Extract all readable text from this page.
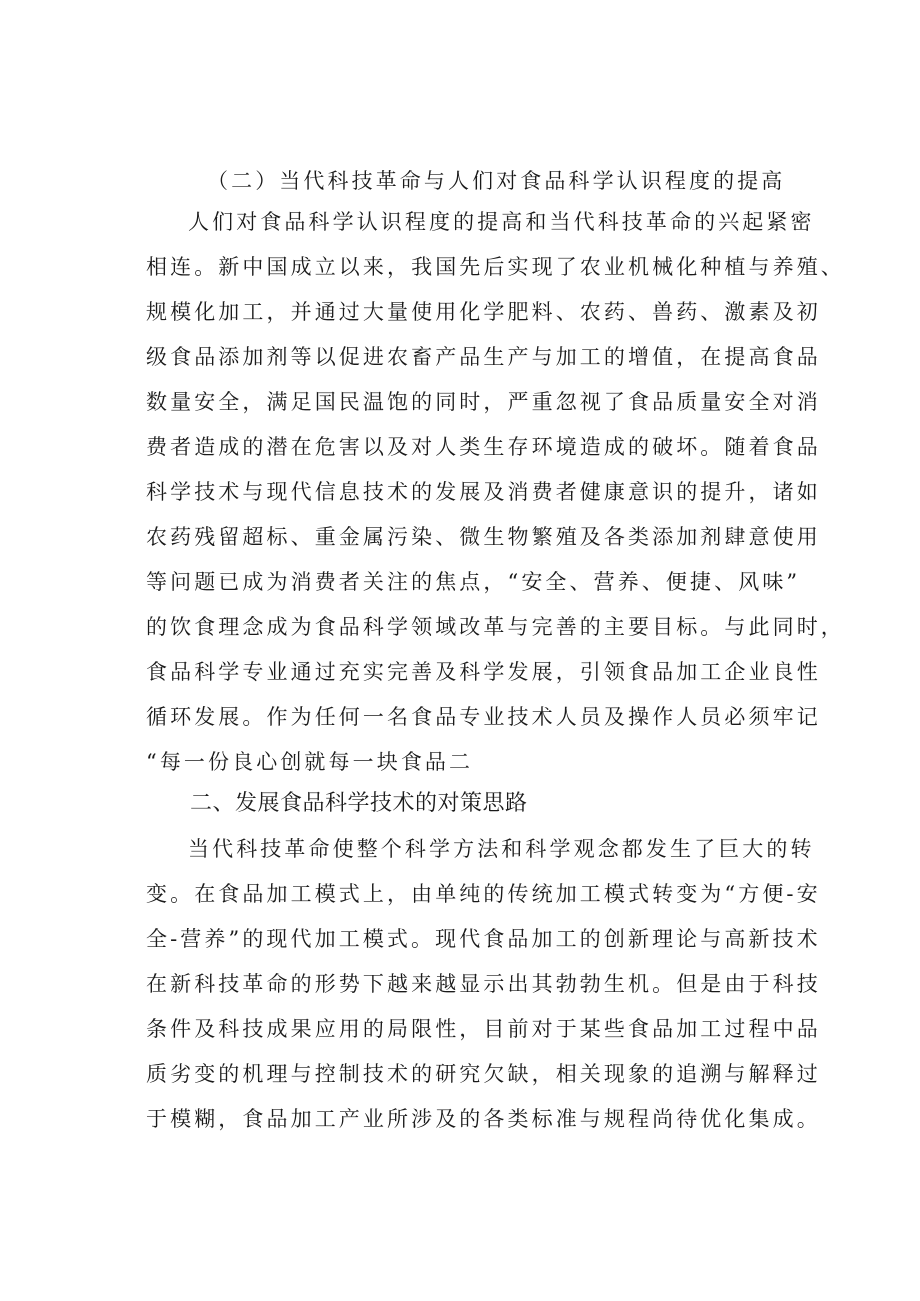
（二）当代科技革命与人们对食品科学认识程度的提高
人们对食品科学认识程度的提高和当代科技革命的兴起紧密
相连。新中国成立以来，我国先后实现了农业机械化种植与养殖、
规模化加工，并通过大量使用化学肥料、农药、兽药、激素及初
级食品添加剂等以促进农畜产品生产与加工的增值，在提高食品
数量安全，满足国民温饱的同时，严重忽视了食品质量安全对消
费者造成的潜在危害以及对人类生存环境造成的破坏。随着食品
科学技术与现代信息技术的发展及消费者健康意识的提升，诸如
农药残留超标、重金属污染、微生物繁殖及各类添加剂肆意使用
等问题已成为消费者关注的焦点，“安全、营养、便捷、风味”
的饮食理念成为食品科学领域改革与完善的主要目标。与此同时，
食品科学专业通过充实完善及科学发展，引领食品加工企业良性
循环发展。作为任何一名食品专业技术人员及操作人员必须牢记
“每一份良心创就每一块食品二
二、发展食品科学技术的对策思路
当代科技革命使整个科学方法和科学观念都发生了巨大的转
变。在食品加工模式上，由单纯的传统加工模式转变为“方便-安
全-营养”的现代加工模式。现代食品加工的创新理论与高新技术
在新科技革命的形势下越来越显示出其勃勃生机。但是由于科技
条件及科技成果应用的局限性，目前对于某些食品加工过程中品
质劣变的机理与控制技术的研究欠缺，相关现象的追溯与解释过
于模糊，食品加工产业所涉及的各类标准与规程尚待优化集成。
